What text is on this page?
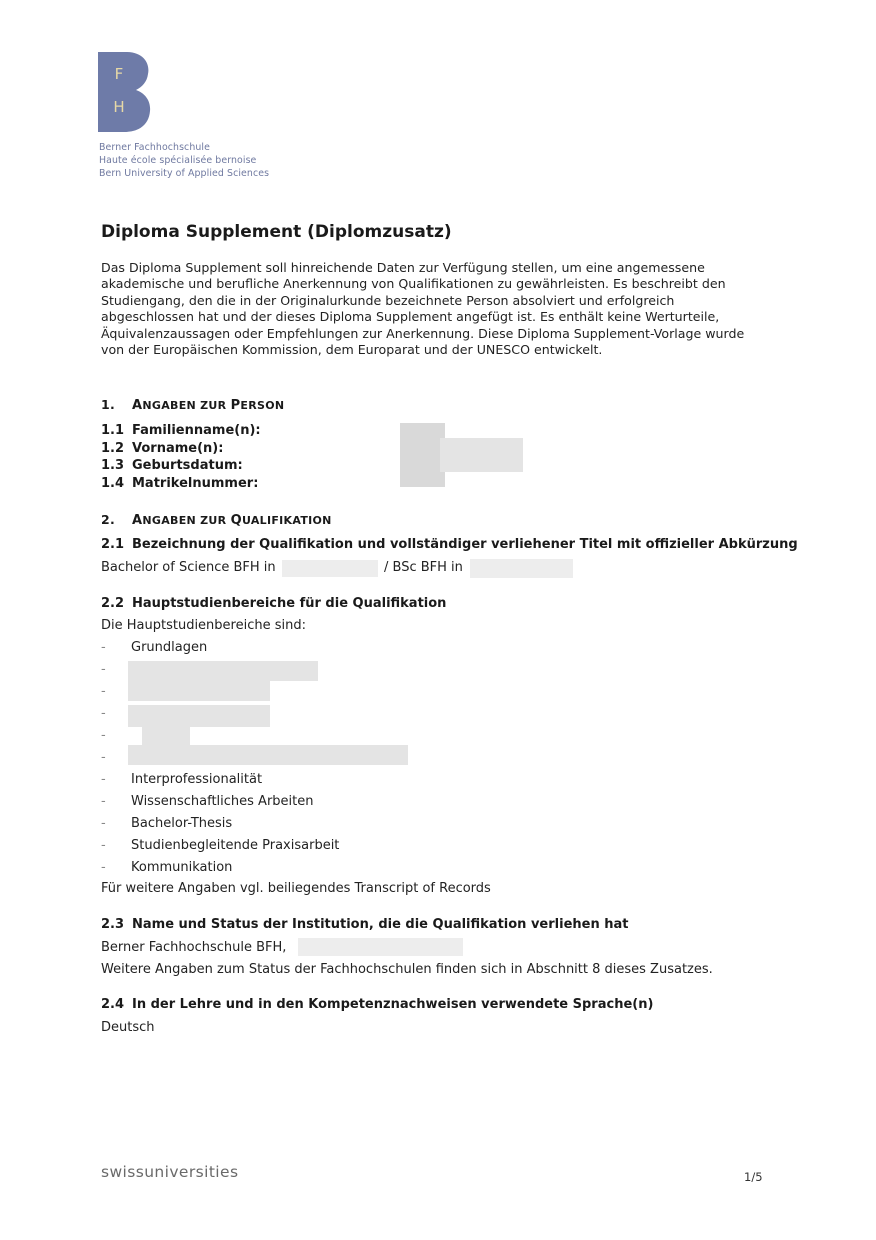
F
H
Berner Fachhochschule
Haute école spécialisée bernoise
Bern University of Applied Sciences
Diploma Supplement (Diplomzusatz)
Das Diploma Supplement soll hinreichende Daten zur Verfügung stellen, um eine angemessene
akademische und berufliche Anerkennung von Qualifikationen zu gewährleisten. Es beschreibt den
Studiengang, den die in der Originalurkunde bezeichnete Person absolviert und erfolgreich
abgeschlossen hat und der dieses Diploma Supplement angefügt ist. Es enthält keine Werturteile,
Äquivalenzaussagen oder Empfehlungen zur Anerkennung. Diese Diploma Supplement-Vorlage wurde
von der Europäischen Kommission, dem Europarat und der UNESCO entwickelt.
1. ANGABEN ZUR PERSON
1.1 Familienname(n):
1.2 Vorname(n):
1.3 Geburtsdatum:
1.4 Matrikelnummer:
2. ANGABEN ZUR QUALIFIKATION
2.1 Bezeichnung der Qualifikation und vollständiger verliehener Titel mit offizieller Abkürzung
Bachelor of Science BFH in	/ BSc BFH in
2.2 Hauptstudienbereiche für die Qualifikation
Die Hauptstudienbereiche sind:
- Grundlagen
-
-
-
-
-
- Interprofessionalität
- Wissenschaftliches Arbeiten
- Bachelor-Thesis
- Studienbegleitende Praxisarbeit
- Kommunikation
Für weitere Angaben vgl. beiliegendes Transcript of Records
2.3 Name und Status der Institution, die die Qualifikation verliehen hat
Berner Fachhochschule BFH,
Weitere Angaben zum Status der Fachhochschulen finden sich in Abschnitt 8 dieses Zusatzes.
2.4 In der Lehre und in den Kompetenznachweisen verwendete Sprache(n)
Deutsch
swissuniversities	1/5
